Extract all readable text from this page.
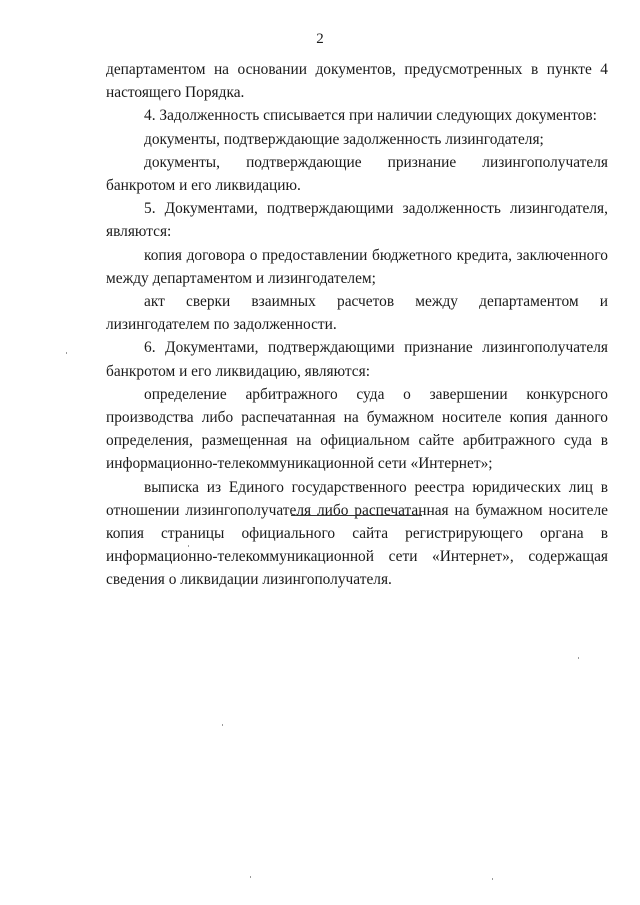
2

департаментом на основании документов, предусмотренных в пункте 4 настоящего Порядка.

4. Задолженность списывается при наличии следующих документов:

документы, подтверждающие задолженность лизингодателя;

документы, подтверждающие признание лизингополучателя банкротом и его ликвидацию.

5. Документами, подтверждающими задолженность лизингодателя, являются:

копия договора о предоставлении бюджетного кредита, заключенного между департаментом и лизингодателем;

акт сверки взаимных расчетов между департаментом и лизингодателем по задолженности.

6. Документами, подтверждающими признание лизингополучателя банкротом и его ликвидацию, являются:

определение арбитражного суда о завершении конкурсного производства либо распечатанная на бумажном носителе копия данного определения, размещенная на официальном сайте арбитражного суда в информационно-телекоммуникационной сети «Интернет»;

выписка из Единого государственного реестра юридических лиц в отношении лизингополучателя либо распечатанная на бумажном носителе копия страницы официального сайта регистрирующего органа в информационно-телекоммуникационной сети «Интернет», содержащая сведения о ликвидации лизингополучателя.
